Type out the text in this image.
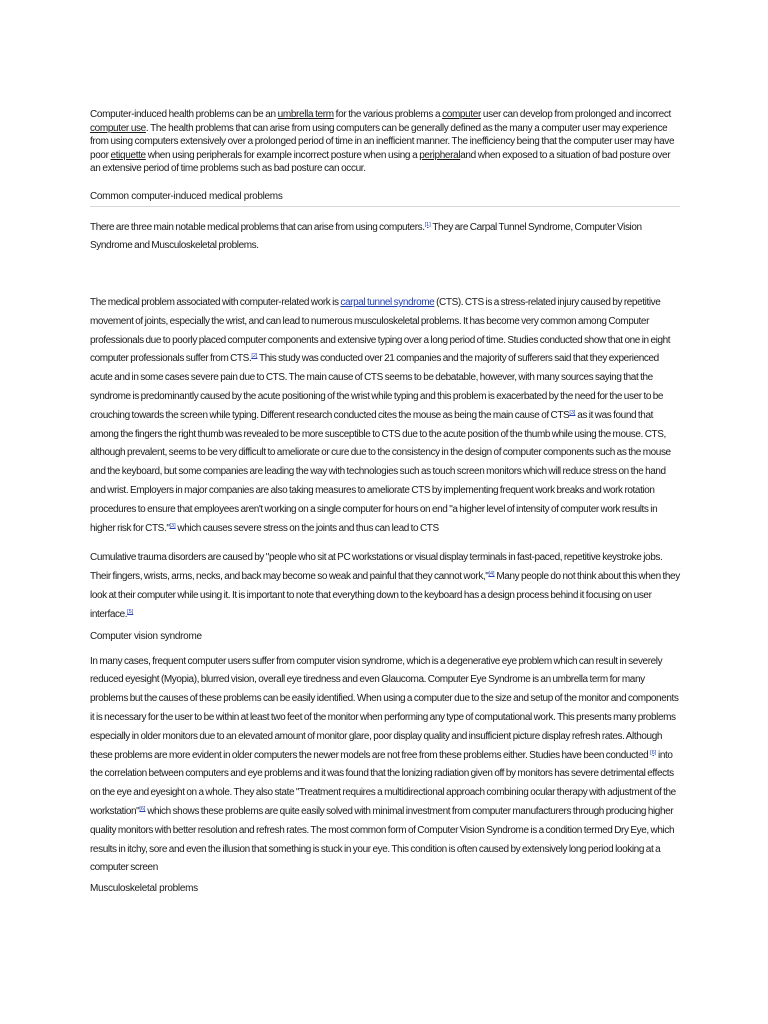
Computer-induced health problems can be an umbrella term for the various problems a computer user can develop from prolonged and incorrect computer use. The health problems that can arise from using computers can be generally defined as the many a computer user may experience from using computers extensively over a prolonged period of time in an inefficient manner. The inefficiency being that the computer user may have poor etiquette when using peripherals for example incorrect posture when using a peripheraland when exposed to a situation of bad posture over an extensive period of time problems such as bad posture can occur.

Common computer-induced medical problems

There are three main notable medical problems that can arise from using computers.[1] They are Carpal Tunnel Syndrome, Computer Vision Syndrome and Musculoskeletal problems.

The medical problem associated with computer-related work is carpal tunnel syndrome (CTS). CTS is a stress-related injury caused by repetitive movement of joints, especially the wrist, and can lead to numerous musculoskeletal problems. It has become very common among Computer professionals due to poorly placed computer components and extensive typing over a long period of time. Studies conducted show that one in eight computer professionals suffer from CTS.[2] This study was conducted over 21 companies and the majority of sufferers said that they experienced acute and in some cases severe pain due to CTS. The main cause of CTS seems to be debatable, however, with many sources saying that the syndrome is predominantly caused by the acute positioning of the wrist while typing and this problem is exacerbated by the need for the user to be crouching towards the screen while typing. Different research conducted cites the mouse as being the main cause of CTS[3] as it was found that among the fingers the right thumb was revealed to be more susceptible to CTS due to the acute position of the thumb while using the mouse. CTS, although prevalent, seems to be very difficult to ameliorate or cure due to the consistency in the design of computer components such as the mouse and the keyboard, but some companies are leading the way with technologies such as touch screen monitors which will reduce stress on the hand and wrist. Employers in major companies are also taking measures to ameliorate CTS by implementing frequent work breaks and work rotation procedures to ensure that employees aren't working on a single computer for hours on end "a higher level of intensity of computer work results in higher risk for CTS."[3] which causes severe stress on the joints and thus can lead to CTS

Cumulative trauma disorders are caused by "people who sit at PC workstations or visual display terminals in fast-paced, repetitive keystroke jobs. Their fingers, wrists, arms, necks, and back may become so weak and painful that they cannot work,"[4] Many people do not think about this when they look at their computer while using it. It is important to note that everything down to the keyboard has a design process behind it focusing on user interface.[5]

Computer vision syndrome

In many cases, frequent computer users suffer from computer vision syndrome, which is a degenerative eye problem which can result in severely reduced eyesight (Myopia), blurred vision, overall eye tiredness and even Glaucoma. Computer Eye Syndrome is an umbrella term for many problems but the causes of these problems can be easily identified. When using a computer due to the size and setup of the monitor and components it is necessary for the user to be within at least two feet of the monitor when performing any type of computational work. This presents many problems especially in older monitors due to an elevated amount of monitor glare, poor display quality and insufficient picture display refresh rates. Although these problems are more evident in older computers the newer models are not free from these problems either. Studies have been conducted [6] into the correlation between computers and eye problems and it was found that the lonizing radiation given off by monitors has severe detrimental effects on the eye and eyesight on a whole. They also state "Treatment requires a multidirectional approach combining ocular therapy with adjustment of the workstation"[6] which shows these problems are quite easily solved with minimal investment from computer manufacturers through producing higher quality monitors with better resolution and refresh rates. The most common form of Computer Vision Syndrome is a condition termed Dry Eye, which results in itchy, sore and even the illusion that something is stuck in your eye. This condition is often caused by extensively long period looking at a computer screen

Musculoskeletal problems
